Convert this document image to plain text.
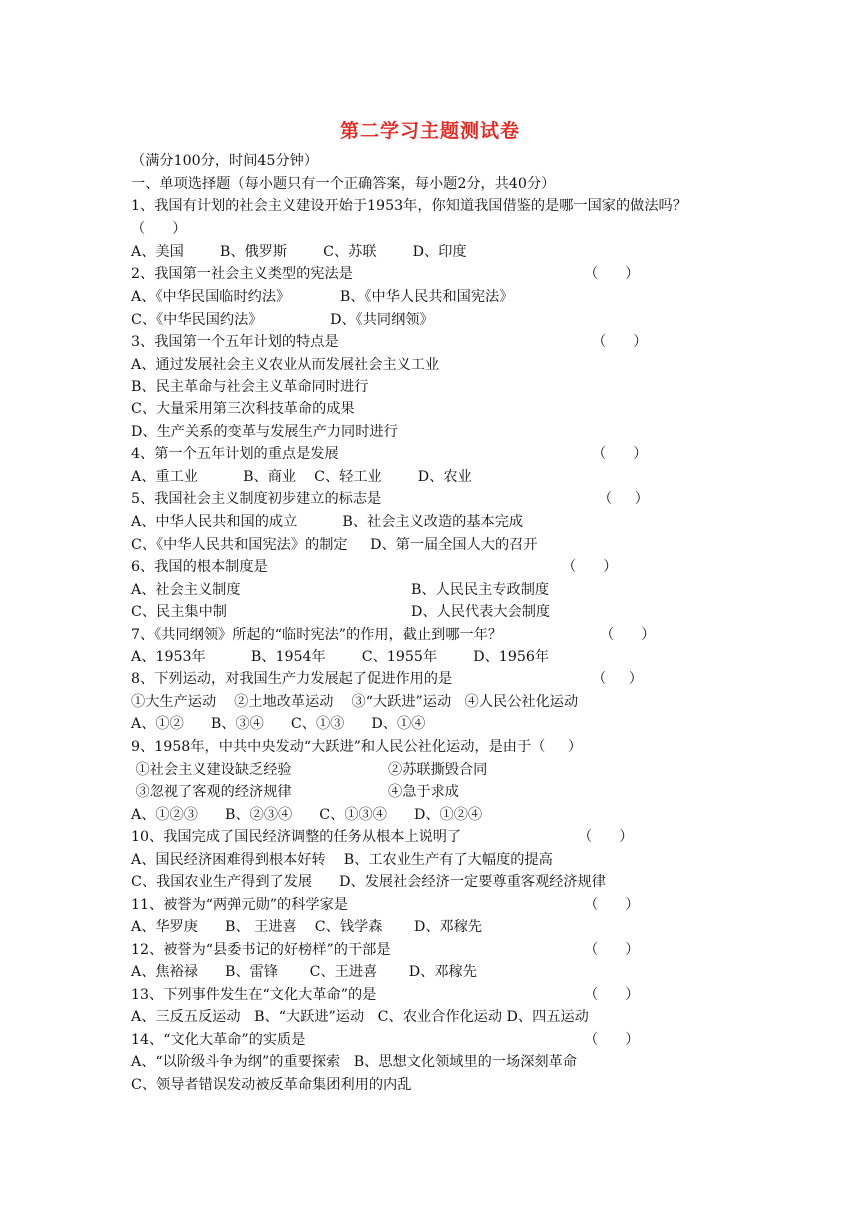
第二学习主题测试卷
（满分100分，时间45分钟）
一、单项选择题（每小题只有一个正确答案，每小题2分，共40分）
1、我国有计划的社会主义建设开始于1953年，你知道我国借鉴的是哪一国家的做法吗？
（      ）
A、美国        B、俄罗斯        C、苏联        D、印度
2、我国第一社会主义类型的宪法是	（      ）
A、《中华民国临时约法》           B、《中华人民共和国宪法》
C、《中华民国约法》               D、《共同纲领》
3、我国第一个五年计划的特点是	（      ）
A、通过发展社会主义农业从而发展社会主义工业
B、民主革命与社会主义革命同时进行
C、大量采用第三次科技革命的成果
D、生产关系的变革与发展生产力同时进行
4、第一个五年计划的重点是发展	（      ）
A、重工业          B、商业    C、轻工业        D、农业
5、我国社会主义制度初步建立的标志是	（     ）
A、中华人民共和国的成立          B、社会主义改造的基本完成
C、《中华人民共和国宪法》的制定     D、第一届全国人大的召开
6、我国的根本制度是	（      ）
A、社会主义制度	B、人民民主专政制度
C、民主集中制	D、人民代表大会制度
7、《共同纲领》所起的“临时宪法”的作用，截止到哪一年？	（      ）
A、1953年          B、1954年        C、1955年        D、1956年
8、下列运动，对我国生产力发展起了促进作用的是	（     ）
①大生产运动    ②土地改革运动    ③“大跃进”运动   ④人民公社化运动
A、①②      B、③④      C、①③      D、①④
9、1958年，中共中央发动“大跃进”和人民公社化运动，是由于（     ）
①社会主义建设缺乏经验	②苏联撕毁合同
③忽视了客观的经济规律	④急于求成
A、①②③      B、②③④      C、①③④      D、①②④
10、我国完成了国民经济调整的任务从根本上说明了	（      ）
A、国民经济困难得到根本好转    B、工农业生产有了大幅度的提高
C、我国农业生产得到了发展      D、发展社会经济一定要尊重客观经济规律
11、被誉为“两弹元勋”的科学家是	（      ）
A、华罗庚      B、 王进喜    C、钱学森       D、邓稼先
12、被誉为“县委书记的好榜样”的干部是	（      ）
A、焦裕禄      B、雷锋       C、王进喜       D、邓稼先
13、下列事件发生在“文化大革命”的是	（      ）
A、三反五反运动   B、“大跃进”运动   C、农业合作化运动 D、四五运动
14、“文化大革命”的实质是	（      ）
A、“以阶级斗争为纲”的重要探索   B、思想文化领域里的一场深刻革命
C、领导者错误发动被反革命集团利用的内乱
